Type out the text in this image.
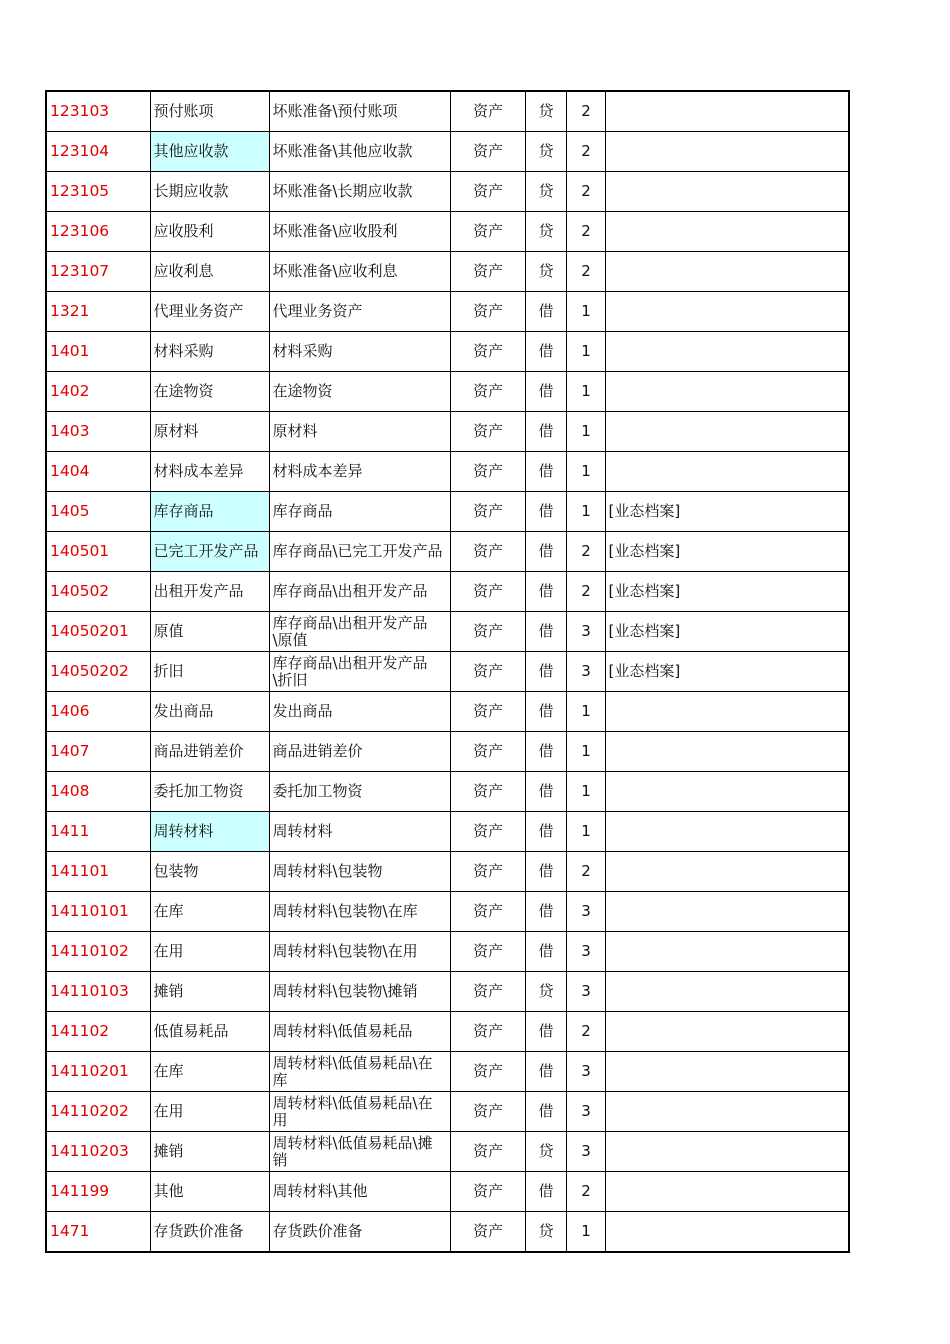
123103	预付账项	坏账准备\预付账项	资产	贷	2	
123104	其他应收款	坏账准备\其他应收款	资产	贷	2	
123105	长期应收款	坏账准备\长期应收款	资产	贷	2	
123106	应收股利	坏账准备\应收股利	资产	贷	2	
123107	应收利息	坏账准备\应收利息	资产	贷	2	
1321	代理业务资产	代理业务资产	资产	借	1	
1401	材料采购	材料采购	资产	借	1	
1402	在途物资	在途物资	资产	借	1	
1403	原材料	原材料	资产	借	1	
1404	材料成本差异	材料成本差异	资产	借	1	
1405	库存商品	库存商品	资产	借	1	[业态档案]
140501	已完工开发产品	库存商品\已完工开发产品	资产	借	2	[业态档案]
140502	出租开发产品	库存商品\出租开发产品	资产	借	2	[业态档案]
14050201	原值	库存商品\出租开发产品\原值	资产	借	3	[业态档案]
14050202	折旧	库存商品\出租开发产品\折旧	资产	借	3	[业态档案]
1406	发出商品	发出商品	资产	借	1	
1407	商品进销差价	商品进销差价	资产	借	1	
1408	委托加工物资	委托加工物资	资产	借	1	
1411	周转材料	周转材料	资产	借	1	
141101	包装物	周转材料\包装物	资产	借	2	
14110101	在库	周转材料\包装物\在库	资产	借	3	
14110102	在用	周转材料\包装物\在用	资产	借	3	
14110103	摊销	周转材料\包装物\摊销	资产	贷	3	
141102	低值易耗品	周转材料\低值易耗品	资产	借	2	
14110201	在库	周转材料\低值易耗品\在库	资产	借	3	
14110202	在用	周转材料\低值易耗品\在用	资产	借	3	
14110203	摊销	周转材料\低值易耗品\摊销	资产	贷	3	
141199	其他	周转材料\其他	资产	借	2	
1471	存货跌价准备	存货跌价准备	资产	贷	1	
